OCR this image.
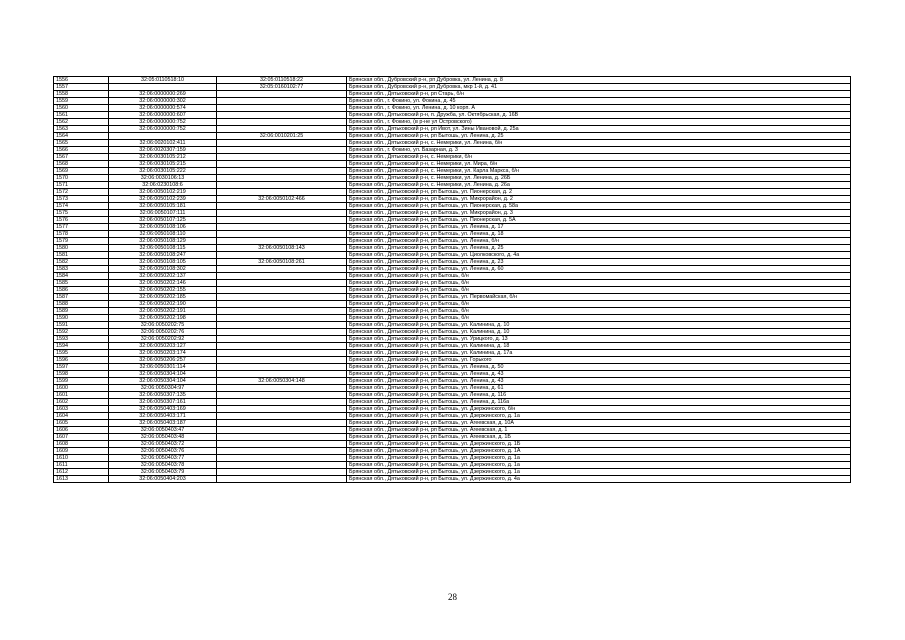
1556	32:05:0110518:10	32:05:0110518:22	Брянская обл., Дубровский р-н, рп Дубровка, ул. Ленина, д. 8
1557		32:05:0160102:77	Брянская обл., Дубровский р-н, рп Дубровка, мкр 1-й, д. 41
1558	32:06:0000000:269		Брянская обл., Дятьковский р-н, рп Старь, б/н
1559	32:06:0000000:302		Брянская обл., г. Фокино, ул. Фокина, д. 45
1560	32:06:0000000:574		Брянская обл., г. Фокино, ул. Ленина, д. 10 корп. А
1561	32:06:0000000:607		Брянская обл., Дятьковский р-н, п. Дружба, ул. Октябрьская, д. 16В
1562	32:06:0000000:752		Брянская обл., г. Фокино, (в р-не ул Островского)
1563	32:06:0000000:752		Брянская обл., Дятьковский р-н, рп Ивот, ул. Зины Ивановой, д. 25а
1564		32:06:0010201:25	Брянская обл., Дятьковский р-н, рп Бытошь, ул. Ленина, д. 25
1565	32:06:0020102:411		Брянская обл., Дятьковский р-н, с. Немерики, ул. Ленина, б/н
1566	32:06:0020307:159		Брянская обл., г. Фокино, ул. Базарная, д. 3
1567	32:06:0030105:212		Брянская обл., Дятьковский р-н, с. Немерики, б/н
1568	32:06:0030105:215		Брянская обл., Дятьковский р-н, с. Немерики, ул. Мира, б/н
1569	32:06:0030105:222		Брянская обл., Дятьковский р-н, с. Немерики, ул. Карла Маркса, б/н
1570	32:06:0030106:13		Брянская обл., Дятьковский р-н, с. Немерики, ул. Ленина, д. 26Б
1571	32:06:0230108:6		Брянская обл., Дятьковский р-н, с. Немерики, ул. Ленина, д. 26а
1572	32:06:0050102:219		Брянская обл., Дятьковский р-н, рп Бытошь, ул. Пионерская, д. 2
1573	32:06:0050102:239	32:06:0050102:466	Брянская обл., Дятьковский р-н, рп Бытошь, ул. Микрорайон, д. 2
1574	32:06:0050105:181		Брянская обл., Дятьковский р-н, рп Бытошь, ул. Пионерская, д. 58а
1575	32:06:0050107:111		Брянская обл., Дятьковский р-н, рп Бытошь, ул. Микрорайон, д. 3
1576	32:06:0050107:125		Брянская обл., Дятьковский р-н, рп Бытошь, ул. Пионерская, д. 5А
1577	32:06:0050108:106		Брянская обл., Дятьковский р-н, рп Бытошь, ул. Ленина, д. 17
1578	32:06:0050108:110		Брянская обл., Дятьковский р-н, рп Бытошь, ул. Ленина, д. 18
1579	32:06:0050108:129		Брянская обл., Дятьковский р-н, рп Бытошь, ул. Ленина, б/н
1580	32:06:0050108:115	32:06:0050108:143	Брянская обл., Дятьковский р-н, рп Бытошь, ул. Ленина, д. 25
1581	32:06:0050108:247		Брянская обл., Дятьковский р-н, рп Бытошь, ул. Циолковского, д. 4а
1582	32:06:0050108:105	32:06:0050108:261	Брянская обл., Дятьковский р-н, рп Бытошь, ул. Ленина, д. 23
1583	32:06:0050108:302		Брянская обл., Дятьковский р-н, рп Бытошь, ул. Ленина, д. 60
1584	32:06:0050202:137		Брянская обл., Дятьковский р-н, рп Бытошь, б/н
1585	32:06:0050202:146		Брянская обл., Дятьковский р-н, рп Бытошь, б/н
1586	32:06:0050202:155		Брянская обл., Дятьковский р-н, рп Бытошь, б/н
1587	32:06:0050202:185		Брянская обл., Дятьковский р-н, рп Бытошь, ул. Первомайская, б/н
1588	32:06:0050202:190		Брянская обл., Дятьковский р-н, рп Бытошь, б/н
1589	32:06:0050202:191		Брянская обл., Дятьковский р-н, рп Бытошь, б/н
1590	32:06:0050202:198		Брянская обл., Дятьковский р-н, рп Бытошь, б/н
1591	32:06:0050202:75		Брянская обл., Дятьковский р-н, рп Бытошь, ул. Калинина, д. 10
1592	32:06:0050202:76		Брянская обл., Дятьковский р-н, рп Бытошь, ул. Калинина, д. 10
1593	32:06:0050202:92		Брянская обл., Дятьковский р-н, рп Бытошь, ул. Урицкого, д. 13
1594	32:06:0050203:127		Брянская обл., Дятьковский р-н, рп Бытошь, ул. Калинина, д. 18
1595	32:06:0050203:174		Брянская обл., Дятьковский р-н, рп Бытошь, ул. Калинина, д. 17а
1596	32:06:0050206:257		Брянская обл., Дятьковский р-н, рп Бытошь, ул. Горького
1597	32:06:0050301:114		Брянская обл., Дятьковский р-н, рп Бытошь, ул. Ленина, д. 50
1598	32:06:0050304:104		Брянская обл., Дятьковский р-н, рп Бытошь, ул. Ленина, д. 43
1599	32:06:0050304:104	32:06:0050304:148	Брянская обл., Дятьковский р-н, рп Бытошь, ул. Ленина, д. 43
1600	32:06:0050304:97		Брянская обл., Дятьковский р-н, рп Бытошь, ул. Ленина, д. 61
1601	32:06:0050307:135		Брянская обл., Дятьковский р-н, рп Бытошь, ул. Ленина, д. 116
1602	32:06:0050307:161		Брянская обл., Дятьковский р-н, рп Бытошь, ул. Ленина, д. 116а
1603	32:06:0050403:169		Брянская обл., Дятьковский р-н, рп Бытошь, ул. Дзержинского, б/н
1604	32:06:0050403:171		Брянская обл., Дятьковский р-н, рп Бытошь, ул. Дзержинского, д. 1а
1605	32:06:0050403:187		Брянская обл., Дятьковский р-н, рп Бытошь, ул. Агеевская, д. 10А
1606	32:06:0050403:47		Брянская обл., Дятьковский р-н, рп Бытошь, ул. Агеевская, д. 1
1607	32:06:0050403:48		Брянская обл., Дятьковский р-н, рп Бытошь, ул. Агеевская, д. 1Б
1608	32:06:0050403:72		Брянская обл., Дятьковский р-н, рп Бытошь, ул. Дзержинского, д. 1Б
1609	32:06:0050403:76		Брянская обл., Дятьковский р-н, рп Бытошь, ул. Дзержинского, д. 1А
1610	32:06:0050403:77		Брянская обл., Дятьковский р-н, рп Бытошь, ул. Дзержинского, д. 1а
1611	32:06:0050403:78		Брянская обл., Дятьковский р-н, рп Бытошь, ул. Дзержинского, д. 1а
1612	32:06:0050403:79		Брянская обл., Дятьковский р-н, рп Бытошь, ул. Дзержинского, д. 1а
1613	32:06:0050404:203		Брянская обл., Дятьковский р-н, рп Бытошь, ул. Дзержинского, д. 4а
28
